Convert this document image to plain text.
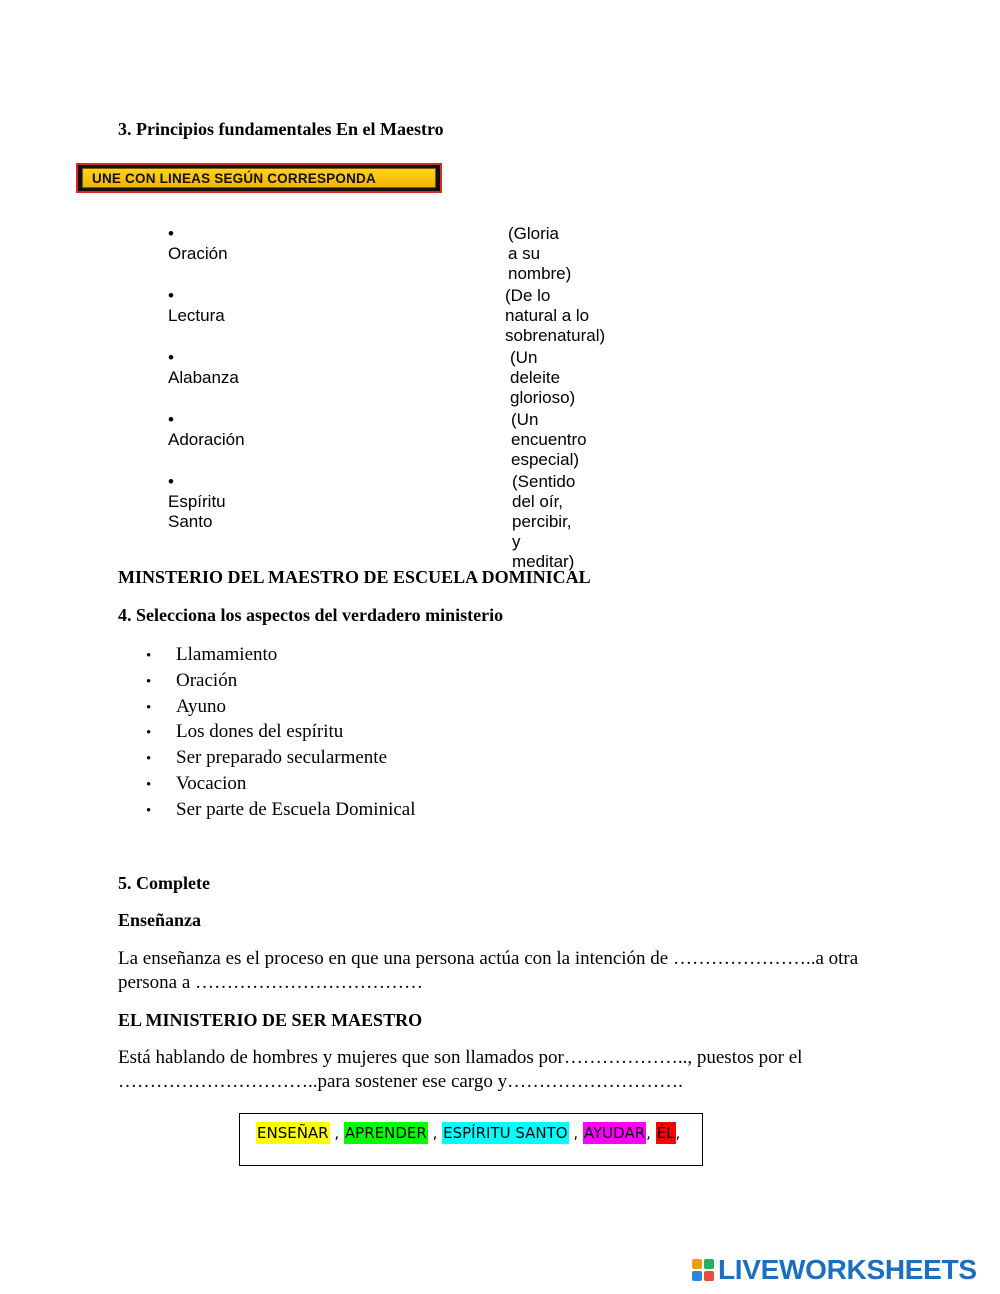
3. Principios fundamentales En el Maestro
UNE CON LINEAS SEGÚN CORRESPONDA
•Oración
(Gloria a su nombre)
•Lectura
(De lo natural a lo sobrenatural)
•Alabanza
(Un deleite glorioso)
•Adoración
(Un encuentro especial)
•Espíritu Santo
(Sentido del oír, percibir, y meditar)
MINSTERIO DEL MAESTRO DE ESCUELA DOMINICAL
4. Selecciona los aspectos del verdadero ministerio
• Llamamiento
• Oración
• Ayuno
• Los dones del espíritu
• Ser preparado secularmente
• Vocacion
• Ser parte de Escuela Dominical
5. Complete
Enseñanza
La enseñanza es el proceso en que una persona actúa con la intención de …………………..a otra persona a ………………………………
EL MINISTERIO DE SER MAESTRO
Está hablando de hombres y mujeres que son llamados por……………….., puestos por el …………………………..para sostener ese cargo y……………………….
ENSEÑAR , APRENDER , ESPÍRITU SANTO , AYUDAR, ÉL,
LIVEWORKSHEETS
